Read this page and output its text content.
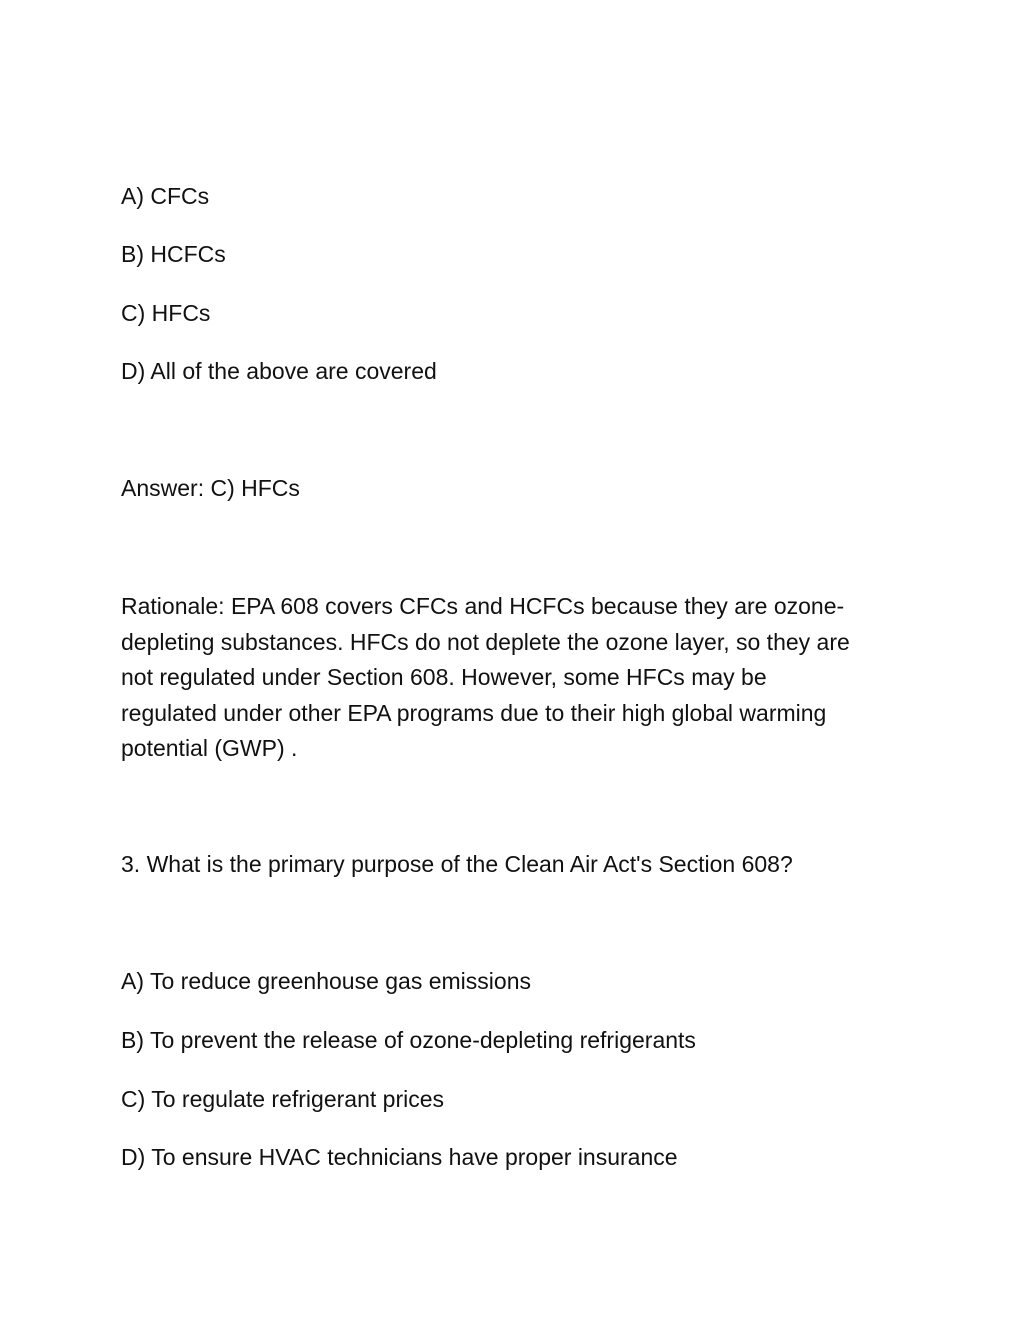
A) CFCs

B) HCFCs

C) HFCs

D) All of the above are covered

Answer: C) HFCs

Rationale: EPA 608 covers CFCs and HCFCs because they are ozone-
depleting substances. HFCs do not deplete the ozone layer, so they are
not regulated under Section 608. However, some HFCs may be
regulated under other EPA programs due to their high global warming
potential (GWP) .

3. What is the primary purpose of the Clean Air Act's Section 608?

A) To reduce greenhouse gas emissions

B) To prevent the release of ozone-depleting refrigerants

C) To regulate refrigerant prices

D) To ensure HVAC technicians have proper insurance
